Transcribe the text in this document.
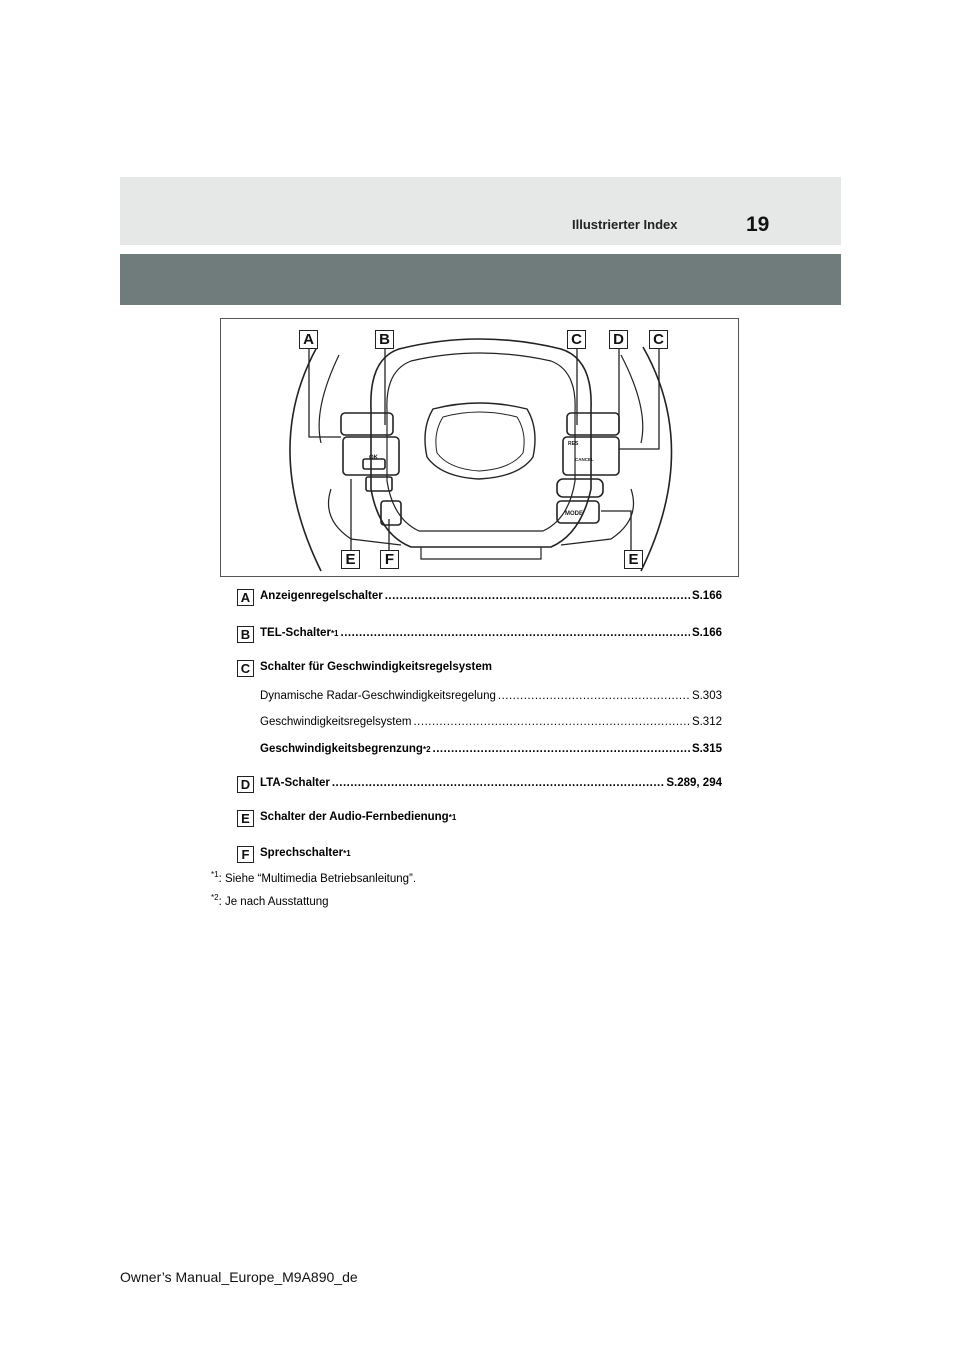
Illustrierter Index	19
OK
RES
CANCEL
MODE
A	B	C D C
E	F	E
A Anzeigenregelschalter .....	S.166
B TEL-Schalter *1 .....	S.166
C Schalter für Geschwindigkeitsregelsystem
Dynamische Radar-Geschwindigkeitsregelung .....	S.303
Geschwindigkeitsregelsystem .....	S.312
Geschwindigkeitsbegrenzung *2 .....	S.315
D LTA-Schalter .....	S.289, 294
E Schalter der Audio-Fernbedienung *1
F Sprechschalter *1
$^{*1}$: Siehe “Multimedia Betriebsanleitung”.
$^{*2}$: Je nach Ausstattung
Owner’s Manual_Europe_M9A890_de
